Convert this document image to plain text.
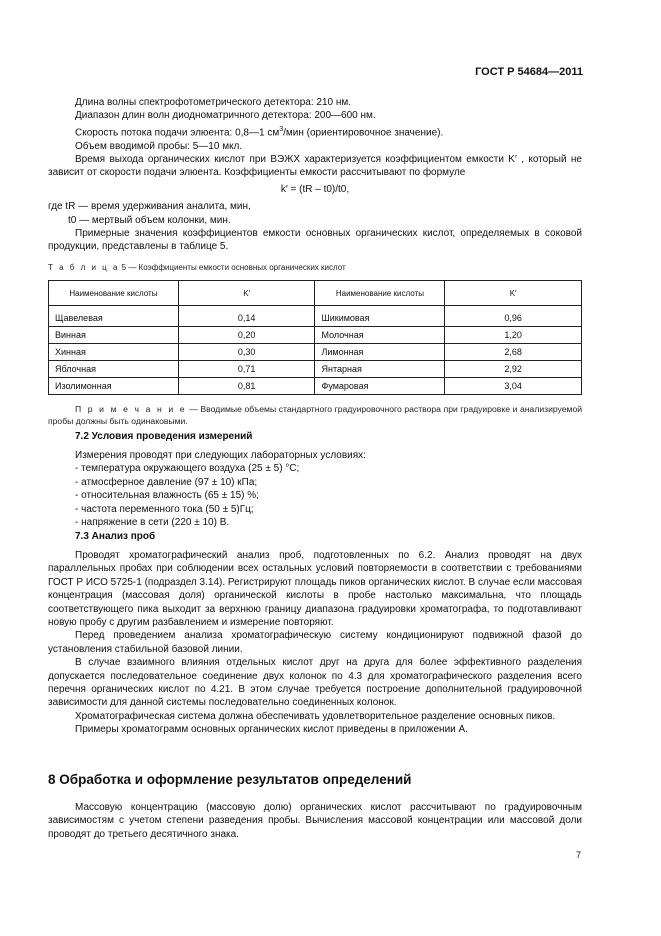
ГОСТ Р 54684—2011

Длина волны спектрофотометрического детектора: 210 нм.

Диапазон длин волн диодноматричного детектора: 200—600 нм.

Скорость потока подачи элюента: 0,8—1 $см^3$/мин (ориентировочное значение).

Объем вводимой пробы: 5—10 мкл.

Время выхода органических кислот при ВЭЖХ характеризуется коэффициентом емкости K′ , который не зависит от скорости подачи элюента. Коэффициенты емкости рассчитывают по формуле

k′ = (tR – t0)/t0,

где tR — время удерживания аналита, мин,

t0 — мертвый объем колонки, мин.

Примерные значения коэффициентов емкости основных органических кислот, определяемых в соковой продукции, представлены в таблице 5.

Т а б л и ц а 5 — Коэффициенты емкости основных органических кислот
Наименование кислоты	K′	Наименование кислоты	K′
Щавелевая	0,14	Шикимовая	0,96
Винная	0,20	Молочная	1,20
Хинная	0,30	Лимонная	2,68
Яблочная	0,71	Янтарная	2,92
Изолимонная	0,81	Фумаровая	3,04

П р и м е ч а н и е — Вводимые объемы стандартного градуировочного раствора при градуировке и анализируемой пробы должны быть одинаковыми.

7.2 Условия проведения измерений

Измерения проводят при следующих лабораторных условиях:

- температура окружающего воздуха (25 ± 5) °С;

- атмосферное давление (97 ± 10) кПа;

- относительная влажность (65 ± 15) %;

- частота переменного тока (50 ± 5)Гц;

- напряжение в сети (220 ± 10) В.

7.3 Анализ проб

Проводят хроматографический анализ проб, подготовленных по 6.2. Анализ проводят на двух параллельных пробах при соблюдении всех остальных условий повторяемости в соответствии с требованиями ГОСТ Р ИСО 5725-1 (подраздел 3.14). Регистрируют площадь пиков органических кислот. В случае если массовая концентрация (массовая доля) органической кислоты в пробе настолько максимальна, что площадь соответствующего пика выходит за верхнюю границу диапазона градуировки хроматографа, то подготавливают новую пробу с другим разбавлением и измерение повторяют.

Перед проведением анализа хроматографическую систему кондиционируют подвижной фазой до установления стабильной базовой линии.

В случае взаимного влияния отдельных кислот друг на друга для более эффективного разделения допускается последовательное соединение двух колонок по 4.3 для хроматографического разделения всего перечня органических кислот по 4.21. В этом случае требуется построение дополнительной градуировочной зависимости для данной системы последовательно соединенных колонок.

Хроматографическая система должна обеспечивать удовлетворительное разделение основных пиков.

Примеры хроматограмм основных органических кислот приведены в приложении А.

8 Обработка и оформление результатов определений

Массовую концентрацию (массовую долю) органических кислот рассчитывают по градуировочным зависимостям с учетом степени разведения пробы. Вычисления массовой концентрации или массовой доли проводят до третьего десятичного знака.

7
